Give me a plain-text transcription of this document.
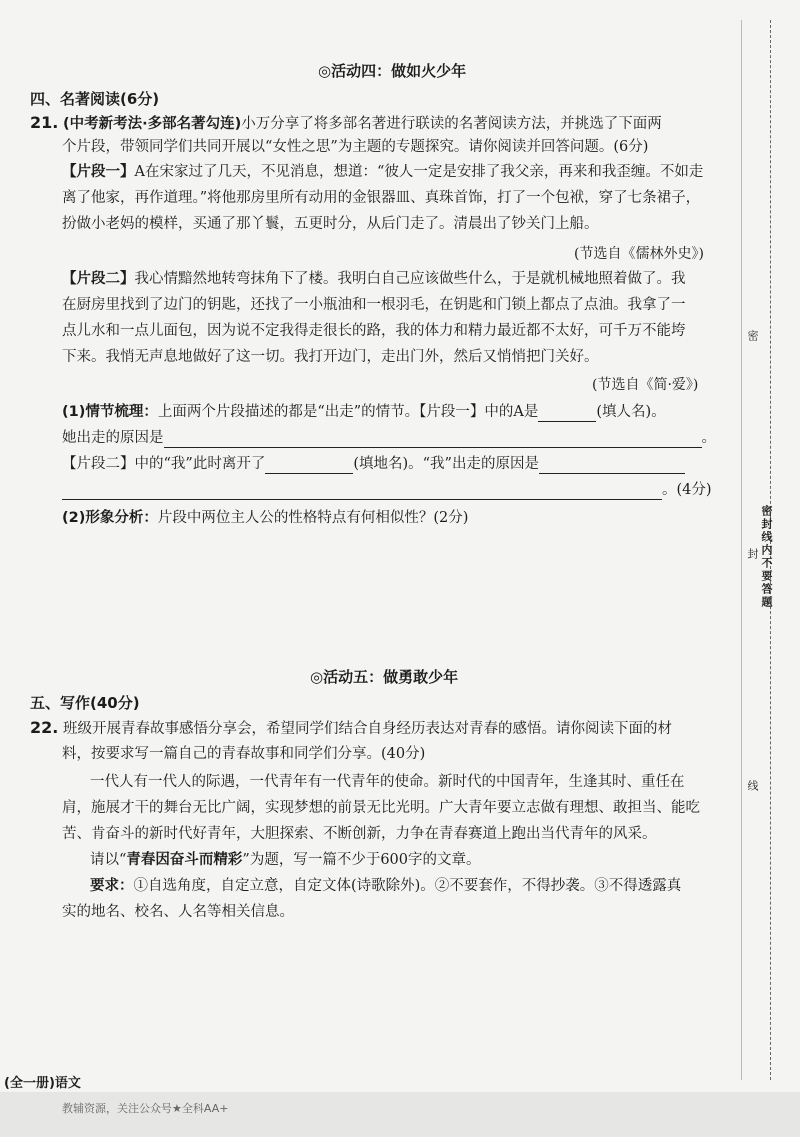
◎活动四：做如火少年
四、名著阅读(6分)
21. (中考新考法·多部名著勾连)小万分享了将多部名著进行联读的名著阅读方法，并挑选了下面两
个片段，带领同学们共同开展以“女性之思”为主题的专题探究。请你阅读并回答问题。(6分)
【片段一】A在宋家过了几天，不见消息，想道：“彼人一定是安排了我父亲，再来和我歪缠。不如走
离了他家，再作道理。”将他那房里所有动用的金银器皿、真珠首饰，打了一个包袱，穿了七条裙子，
扮做小老妈的模样，买通了那丫鬟，五更时分，从后门走了。清晨出了钞关门上船。
(节选自《儒林外史》)
【片段二】我心情黯然地转弯抹角下了楼。我明白自己应该做些什么，于是就机械地照着做了。我
在厨房里找到了边门的钥匙，还找了一小瓶油和一根羽毛，在钥匙和门锁上都点了点油。我拿了一
点儿水和一点儿面包，因为说不定我得走很长的路，我的体力和精力最近都不太好，可千万不能垮
下来。我悄无声息地做好了这一切。我打开边门，走出门外，然后又悄悄把门关好。
(节选自《简·爱》)
(1)情节梳理：上面两个片段描述的都是“出走”的情节。【片段一】中的A是	(填人名)。
她出走的原因是	。
【片段二】中的“我”此时离开了	(填地名)。“我”出走的原因是
。(4分)
(2)形象分析：片段中两位主人公的性格特点有何相似性？(2分)
◎活动五：做勇敢少年
五、写作(40分)
22. 班级开展青春故事感悟分享会，希望同学们结合自身经历表达对青春的感悟。请你阅读下面的材
料，按要求写一篇自己的青春故事和同学们分享。(40分)
一代人有一代人的际遇，一代青年有一代青年的使命。新时代的中国青年，生逢其时、重任在
肩，施展才干的舞台无比广阔，实现梦想的前景无比光明。广大青年要立志做有理想、敢担当、能吃
苦、肯奋斗的新时代好青年，大胆探索、不断创新，力争在青春赛道上跑出当代青年的风采。
请以“青春因奋斗而精彩”为题，写一篇不少于600字的文章。
要求：①自选角度，自定立意，自定文体(诗歌除外)。②不要套作，不得抄袭。③不得透露真
实的地名、校名、人名等相关信息。
(全一册)语文
教辅资源，关注公众号★全科AA+
密
封
线
密封线内不要答题
